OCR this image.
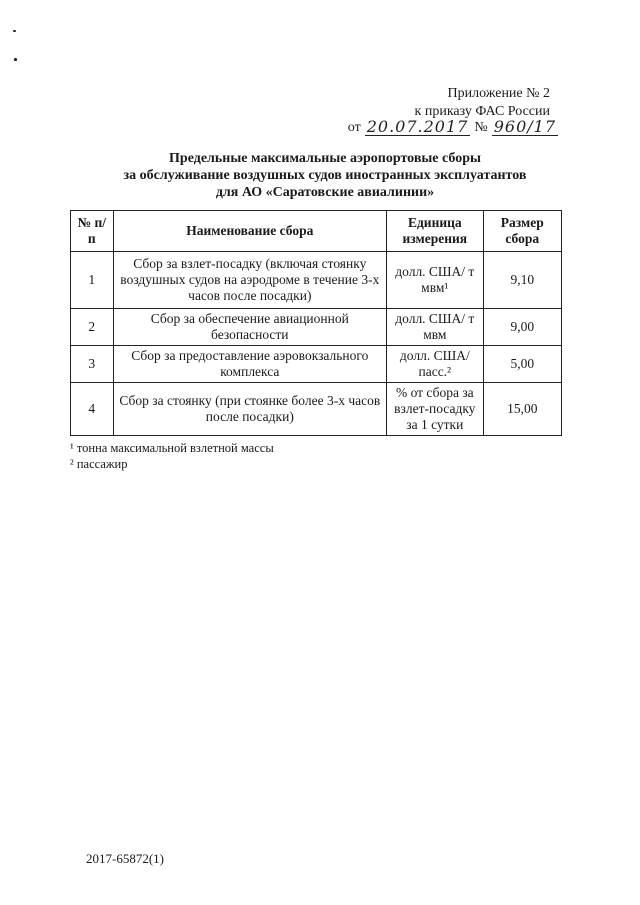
Приложение № 2
к приказу ФАС России
от 20.07.2017 № 960/17
Предельные максимальные аэропортовые сборы
за обслуживание воздушных судов иностранных эксплуатантов
для АО «Саратовские авиалинии»
№ п/п	Наименование сбора	Единица измерения	Размер сбора
1	Сбор за взлет-посадку (включая стоянку воздушных судов на аэродроме в течение 3-х часов после посадки)	долл. США/ т мвм¹	9,10
2	Сбор за обеспечение авиационной безопасности	долл. США/ т мвм	9,00
3	Сбор за предоставление аэровокзального комплекса	долл. США/ пасс.²	5,00
4	Сбор за стоянку (при стоянке более 3-х часов после посадки)	% от сбора за взлет-посадку за 1 сутки	15,00
¹ тонна максимальной взлетной массы
² пассажир
2017-65872(1)
